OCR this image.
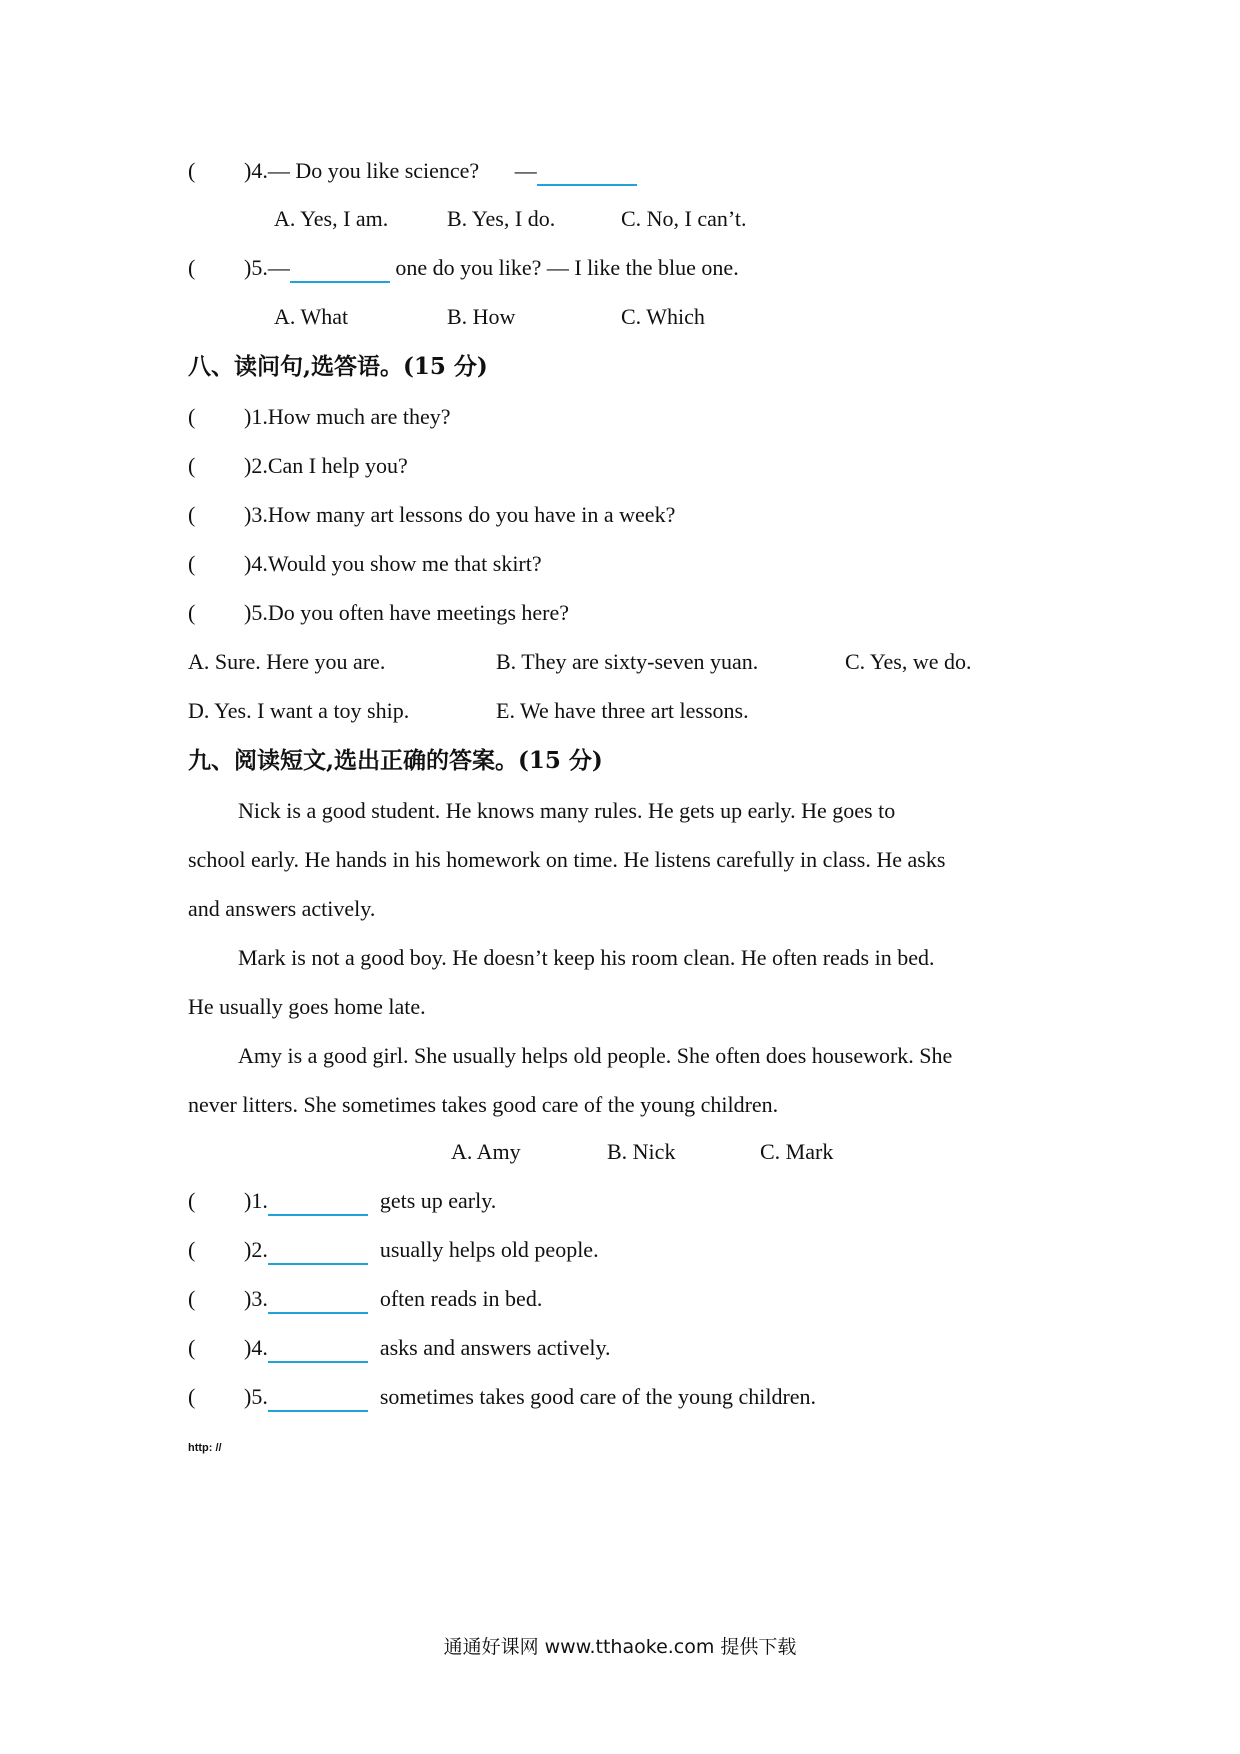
( )4.— Do you like science? —
A. Yes, I am.	B. Yes, I do.	C. No, I can’t.
( )5.—	one do you like? — I like the blue one.
A. What	B. How	C. Which
八、读问句,选答语。(15 分)
( )1.How much are they?
( )2.Can I help you?
( )3.How many art lessons do you have in a week?
( )4.Would you show me that skirt?
( )5.Do you often have meetings here?
A. Sure. Here you are.	B. They are sixty-seven yuan.	C. Yes, we do.
D. Yes. I want a toy ship.	E. We have three art lessons.
九、阅读短文,选出正确的答案。(15 分)
Nick is a good student. He knows many rules. He gets up early. He goes to
school early. He hands in his homework on time. He listens carefully in class. He asks
and answers actively.
Mark is not a good boy. He doesn’t keep his room clean. He often reads in bed.
He usually goes home late.
Amy is a good girl. She usually helps old people. She often does housework. She
never litters. She sometimes takes good care of the young children.
A. Amy	B. Nick	C. Mark
( )1.	gets up early.
( )2.	usually helps old people.
( )3.	often reads in bed.
( )4.	asks and answers actively.
( )5.	sometimes takes good care of the young children.
http: //
通通好课网 www.tthaoke.com 提供下载
